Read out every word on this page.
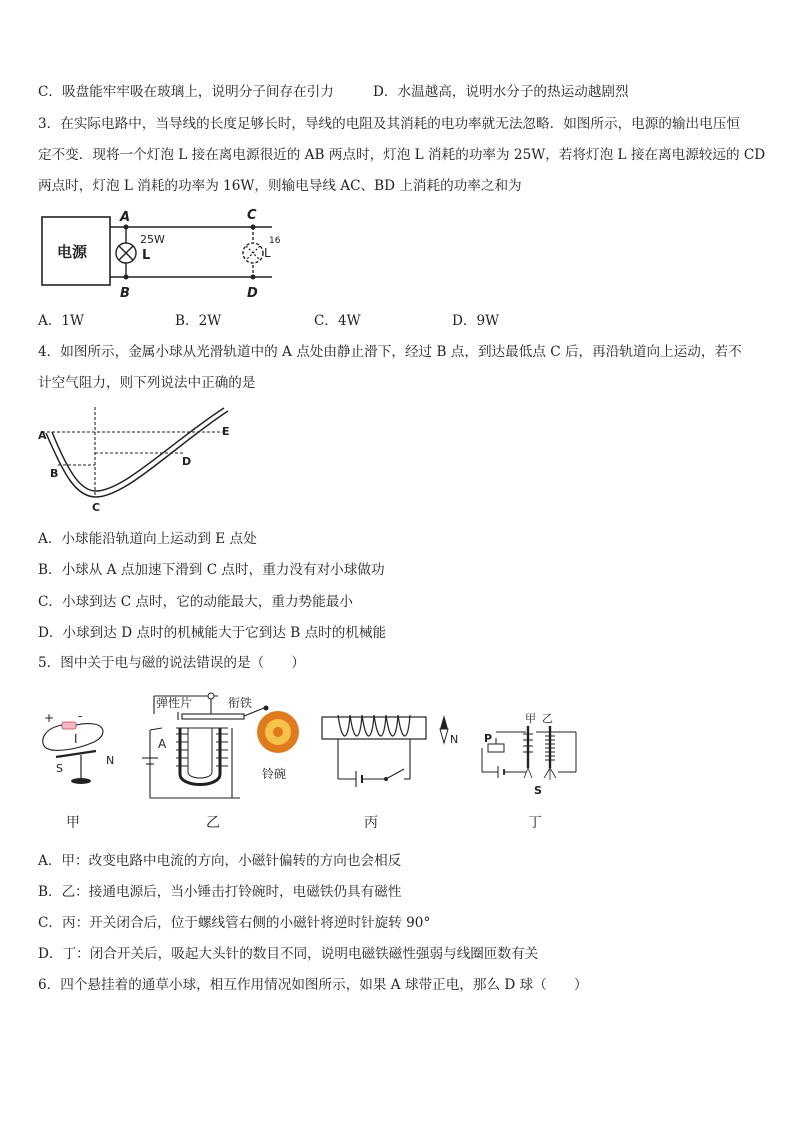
C．吸盘能牢牢吸在玻璃上，说明分子间存在引力	D．水温越高，说明水分子的热运动越剧烈
3．在实际电路中，当导线的长度足够长时，导线的电阻及其消耗的电功率就无法忽略．如图所示，电源的输出电压恒
定不变．现将一个灯泡 L 接在离电源很近的 AB 两点时，灯泡 L 消耗的功率为 25W，若将灯泡 L 接在离电源较远的 CD
两点时，灯泡 L 消耗的功率为 16W，则输电导线 AC、BD 上消耗的功率之和为
电源
A
B
L
25W
C
D
L
16
A．1W	B．2W	C．4W	D．9W
4．如图所示，金属小球从光滑轨道中的 A 点处由静止滑下，经过 B 点，到达最低点 C 后，再沿轨道向上运动，若不
计空气阻力，则下列说法中正确的是
A
B
C
D
E
A．小球能沿轨道向上运动到 E 点处
B．小球从 A 点加速下滑到 C 点时，重力没有对小球做功
C．小球到达 C 点时，它的动能最大，重力势能最小
D．小球到达 D 点时的机械能大于它到达 B 点时的机械能
5．图中关于电与磁的说法错误的是（　　）
+ -
I
S
N
甲
弹性片	衔铁
A
铃碗
乙
N
丙
甲 乙
P
S
丁
A．甲：改变电路中电流的方向，小磁针偏转的方向也会相反
B．乙：接通电源后，当小锤击打铃碗时，电磁铁仍具有磁性
C．丙：开关闭合后，位于螺线管右侧的小磁针将逆时针旋转 90°
D．丁：闭合开关后，吸起大头针的数目不同，说明电磁铁磁性强弱与线圈匝数有关
6．四个悬挂着的通草小球，相互作用情况如图所示，如果 A 球带正电，那么 D 球（　　）
